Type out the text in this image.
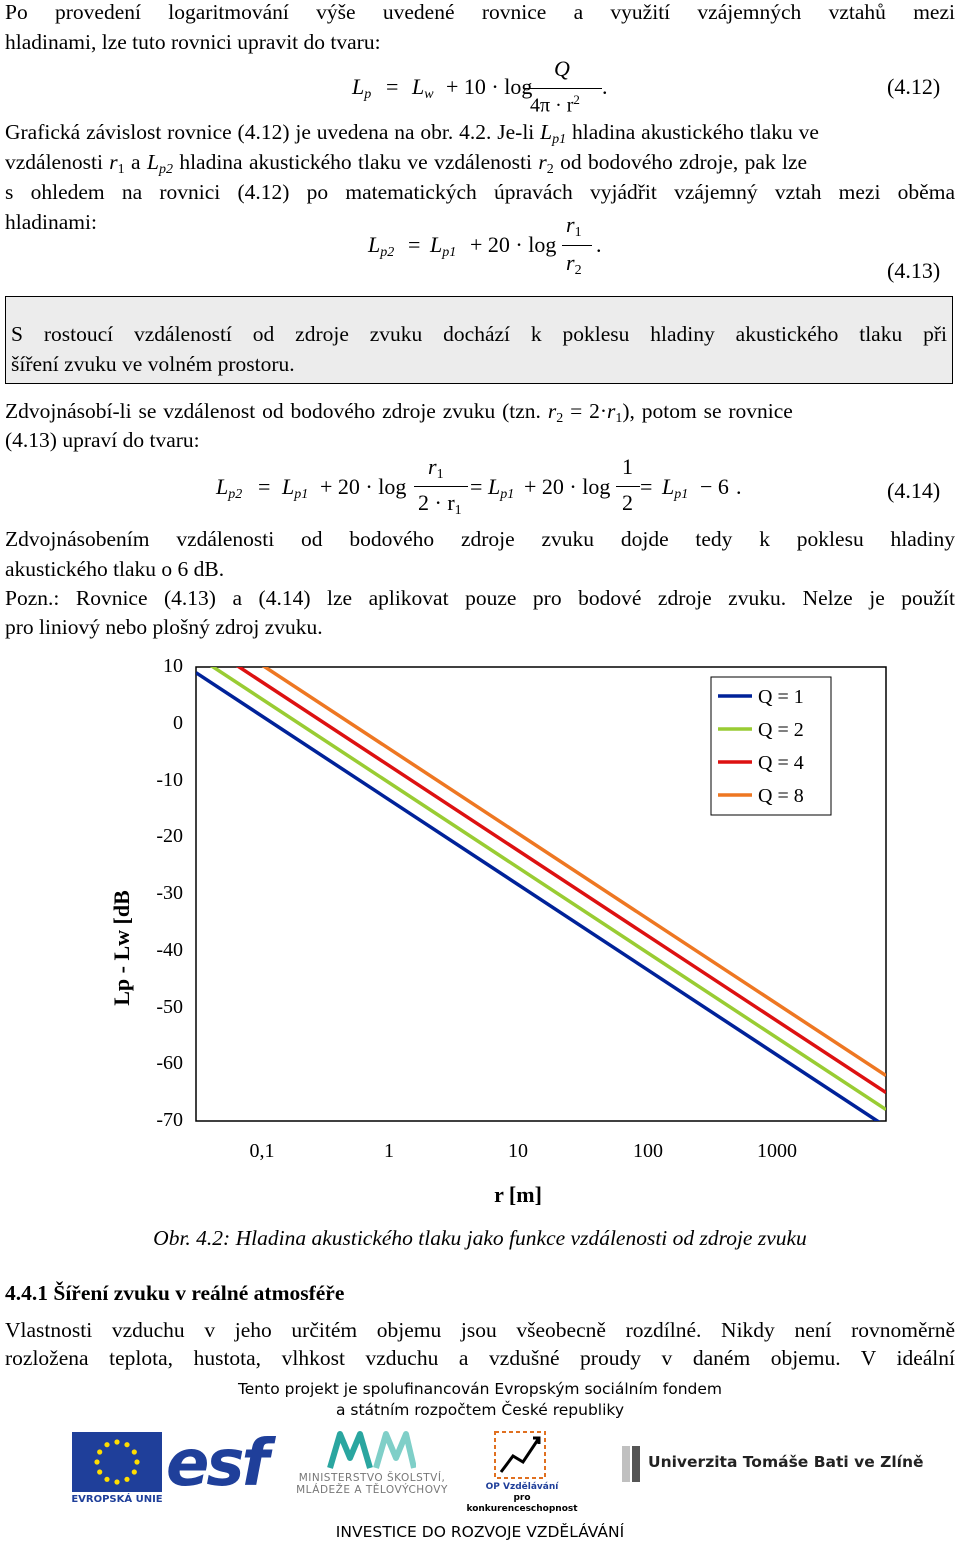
Po provedení logaritmování výše uvedené rovnice a využití vzájemných vztahů mezi
hladinami, lze tuto rovnici upravit do tvaru:
$L_p = L_w + 10 \cdot \log$
Q
$4\pi \cdot r^2$
.	(4.12)
Grafická závislost rovnice (4.12) je uvedena na obr. 4.2. Je-li $L_{p1}$ hladina akustického tlaku ve
vzdálenosti $r_1$ a $L_{p2}$ hladina akustického tlaku ve vzdálenosti $r_2$ od bodového zdroje, pak lze
s ohledem na rovnici (4.12) po matematických úpravách vyjádřit vzájemný vztah mezi oběma
hladinami:
$L_{p2} = L_{p1} + 20 \cdot \log$
$r_1$
$r_2$
.
(4.13)
S rostoucí vzdáleností od zdroje zvuku dochází k poklesu hladiny akustického tlaku při
šíření zvuku ve volném prostoru.
Zdvojnásobí-li se vzdálenost od bodového zdroje zvuku (tzn. $r_2 = 2\cdot r_1$), potom se rovnice
(4.13) upraví do tvaru:
$L_{p2} = L_{p1} + 20 \cdot \log$
$r_1$
$2 \cdot r_1$
= $L_{p1} + 20 \cdot \log$
1
2
= $L_{p1} - 6$ .	(4.14)
Zdvojnásobením vzdálenosti od bodového zdroje zvuku dojde tedy k poklesu hladiny
akustického tlaku o 6 dB.
Pozn.: Rovnice (4.13) a (4.14) lze aplikovat pouze pro bodové zdroje zvuku. Nelze je použít
pro liniový nebo plošný zdroj zvuku.
10
0
-10
-20
-30
-40
-50
-60
-70
0,1	1	10	100	1000
Lp - Lw [dB
r [m]
Q = 1
Q = 2
Q = 4
Q = 8
Obr. 4.2: Hladina akustického tlaku jako funkce vzdálenosti od zdroje zvuku
4.4.1 Šíření zvuku v reálné atmosféře
Vlastnosti vzduchu v jeho určitém objemu jsou všeobecně rozdílné. Nikdy není rovnoměrně
rozložena teplota, hustota, vlhkost vzduchu a vzdušné proudy v daném objemu. V ideální
Tento projekt je spolufinancován Evropským sociálním fondem
a státním rozpočtem České republiky
EVROPSKÁ UNIE esf	MINISTERSTVO ŠKOLSTVÍ,
MLÁDEŽE A TĚLOVÝCHOVY	OP Vzdělávání
pro konkurenceschopnost
Univerzita Tomáše Bati ve Zlíně
INVESTICE DO ROZVOJE VZDĚLÁVÁNÍ
